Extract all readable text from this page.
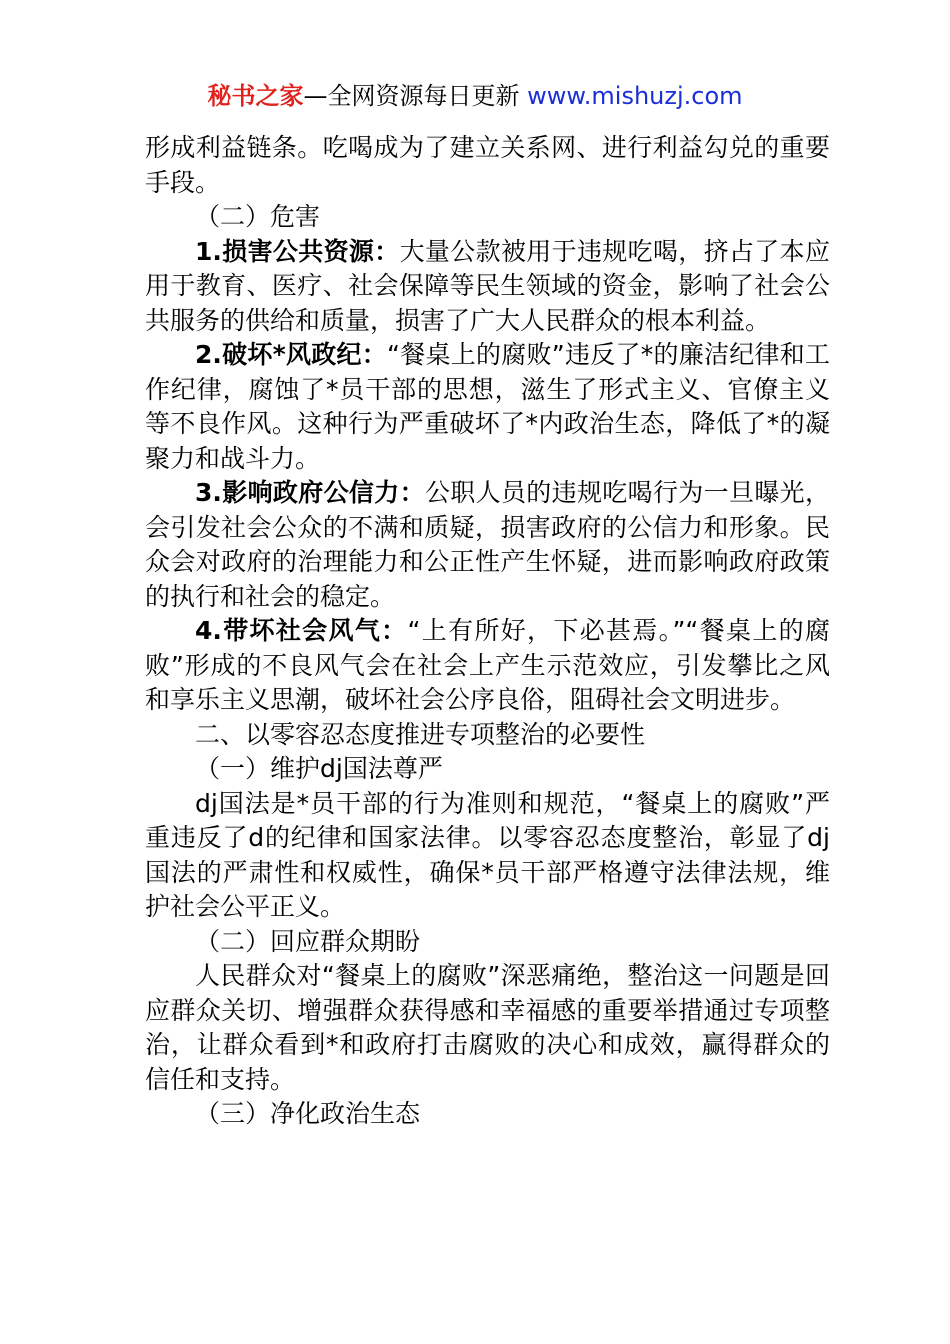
秘书之家—全网资源每日更新 www.mishuzj.com

形成利益链条。吃喝成为了建立关系网、进行利益勾兑的重要手段。

（二）危害

1.损害公共资源：大量公款被用于违规吃喝，挤占了本应用于教育、医疗、社会保障等民生领域的资金，影响了社会公共服务的供给和质量，损害了广大人民群众的根本利益。

2.破坏*风政纪：“餐桌上的腐败”违反了*的廉洁纪律和工作纪律，腐蚀了*员干部的思想，滋生了形式主义、官僚主义等不良作风。这种行为严重破坏了*内政治生态，降低了*的凝聚力和战斗力。

3.影响政府公信力：公职人员的违规吃喝行为一旦曝光，会引发社会公众的不满和质疑，损害政府的公信力和形象。民众会对政府的治理能力和公正性产生怀疑，进而影响政府政策的执行和社会的稳定。

4.带坏社会风气：“上有所好，下必甚焉。”“餐桌上的腐败”形成的不良风气会在社会上产生示范效应，引发攀比之风和享乐主义思潮，破坏社会公序良俗，阻碍社会文明进步。

二、以零容忍态度推进专项整治的必要性

（一）维护dj国法尊严

dj国法是*员干部的行为准则和规范，“餐桌上的腐败”严重违反了d的纪律和国家法律。以零容忍态度整治，彰显了dj国法的严肃性和权威性，确保*员干部严格遵守法律法规，维护社会公平正义。

（二）回应群众期盼

人民群众对“餐桌上的腐败”深恶痛绝，整治这一问题是回应群众关切、增强群众获得感和幸福感的重要举措通过专项整治，让群众看到*和政府打击腐败的决心和成效，赢得群众的信任和支持。

（三）净化政治生态
